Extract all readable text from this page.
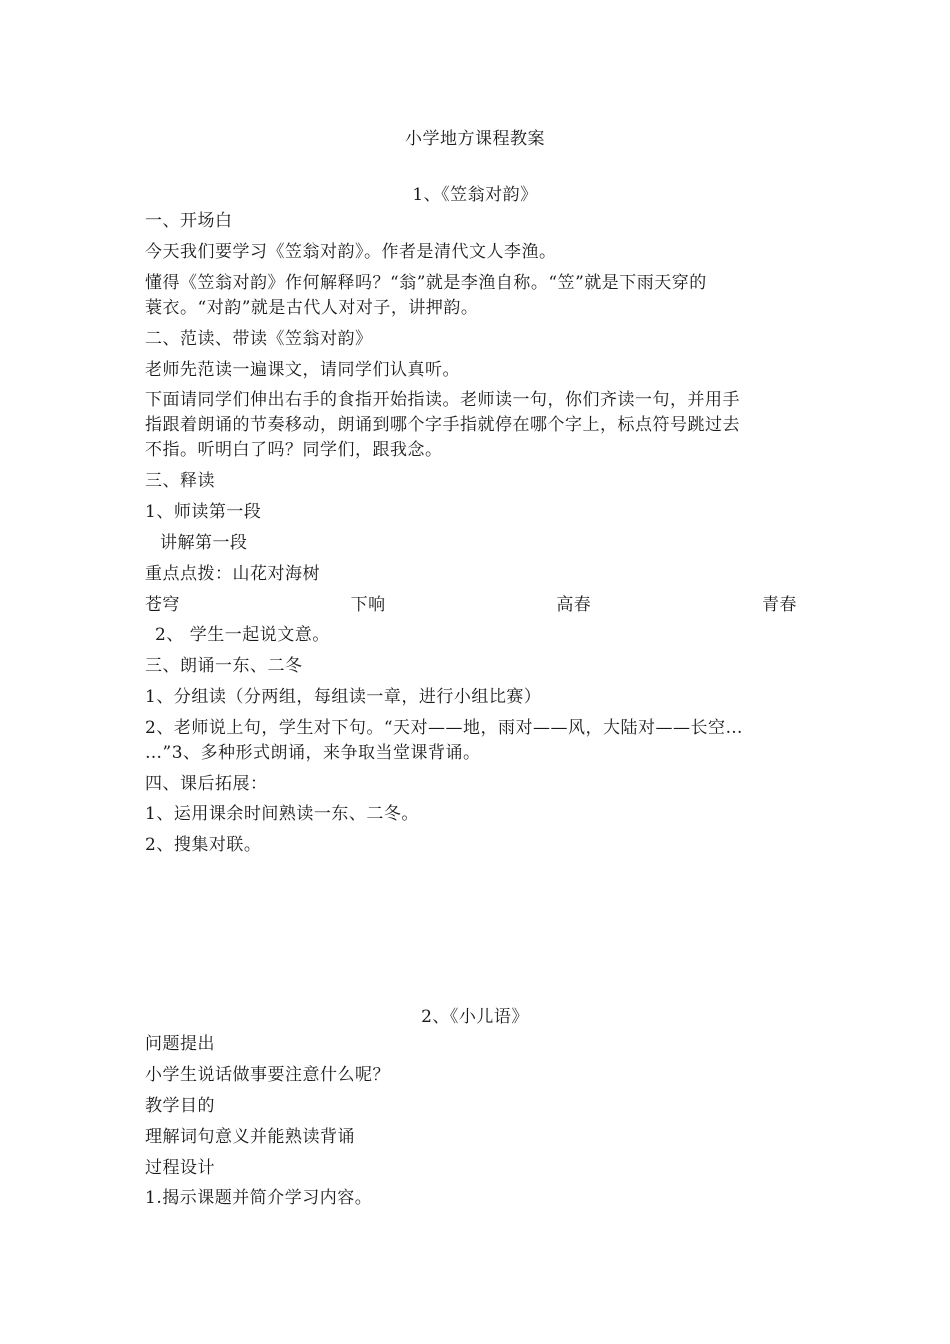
小学地方课程教案
1、《笠翁对韵》
一、开场白
今天我们要学习《笠翁对韵》。作者是清代文人李渔。
懂得《笠翁对韵》作何解释吗？“翁”就是李渔自称。“笠”就是下雨天穿的
蓑衣。“对韵”就是古代人对对子，讲押韵。
二、范读、带读《笠翁对韵》
老师先范读一遍课文，请同学们认真听。
下面请同学们伸出右手的食指开始指读。老师读一句，你们齐读一句，并用手
指跟着朗诵的节奏移动，朗诵到哪个字手指就停在哪个字上，标点符号跳过去
不指。听明白了吗？同学们，跟我念。
三、释读
1、师读第一段
讲解第一段
重点点拨：山花对海树
苍穹	下响	高春	青春
2、 学生一起说文意。
三、朗诵一东、二冬
1、分组读（分两组，每组读一章，进行小组比赛）
2、老师说上句，学生对下句。“天对——地，雨对——风，大陆对——长空…
…”3、多种形式朗诵，来争取当堂课背诵。
四、课后拓展：
1、运用课余时间熟读一东、二冬。
2、搜集对联。
2、《小儿语》
问题提出
小学生说话做事要注意什么呢？
教学目的
理解词句意义并能熟读背诵
过程设计
1.揭示课题并简介学习内容。
